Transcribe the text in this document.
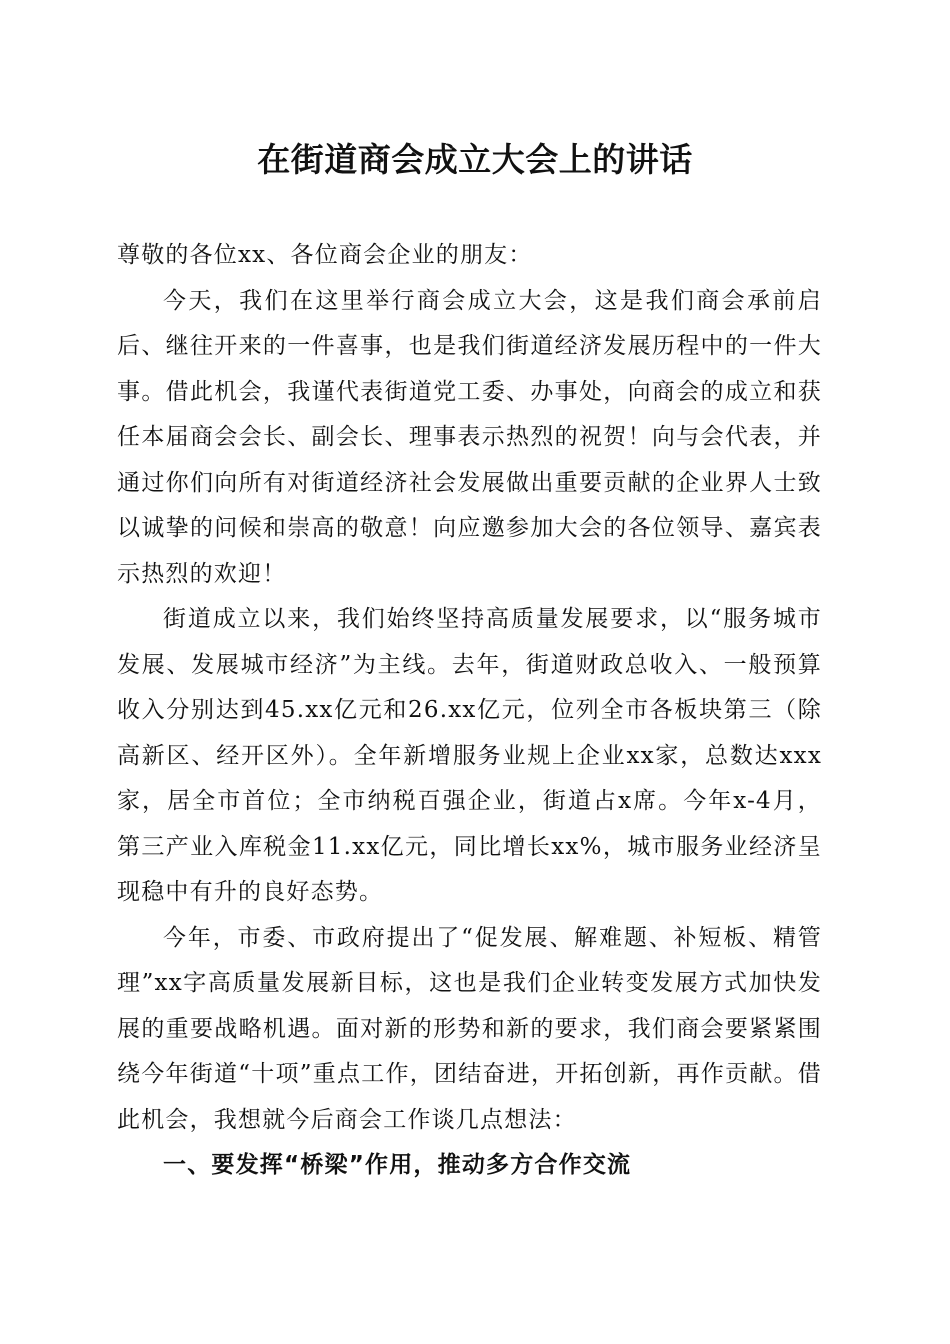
在街道商会成立大会上的讲话

尊敬的各位xx、各位商会企业的朋友：

今天，我们在这里举行商会成立大会，这是我们商会承前启后、继往开来的一件喜事，也是我们街道经济发展历程中的一件大事。借此机会，我谨代表街道党工委、办事处，向商会的成立和获任本届商会会长、副会长、理事表示热烈的祝贺！向与会代表，并通过你们向所有对街道经济社会发展做出重要贡献的企业界人士致以诚挚的问候和崇高的敬意！向应邀参加大会的各位领导、嘉宾表示热烈的欢迎！

街道成立以来，我们始终坚持高质量发展要求，以“服务城市发展、发展城市经济”为主线。去年，街道财政总收入、一般预算收入分别达到45.xx亿元和26.xx亿元，位列全市各板块第三（除高新区、经开区外）。全年新增服务业规上企业xx家，总数达xxx家，居全市首位；全市纳税百强企业，街道占x席。今年x-4月，第三产业入库税金11.xx亿元，同比增长xx%，城市服务业经济呈现稳中有升的良好态势。

今年，市委、市政府提出了“促发展、解难题、补短板、精管理”xx字高质量发展新目标，这也是我们企业转变发展方式加快发展的重要战略机遇。面对新的形势和新的要求，我们商会要紧紧围绕今年街道“十项”重点工作，团结奋进，开拓创新，再作贡献。借此机会，我想就今后商会工作谈几点想法：

一、要发挥“桥梁”作用，推动多方合作交流
